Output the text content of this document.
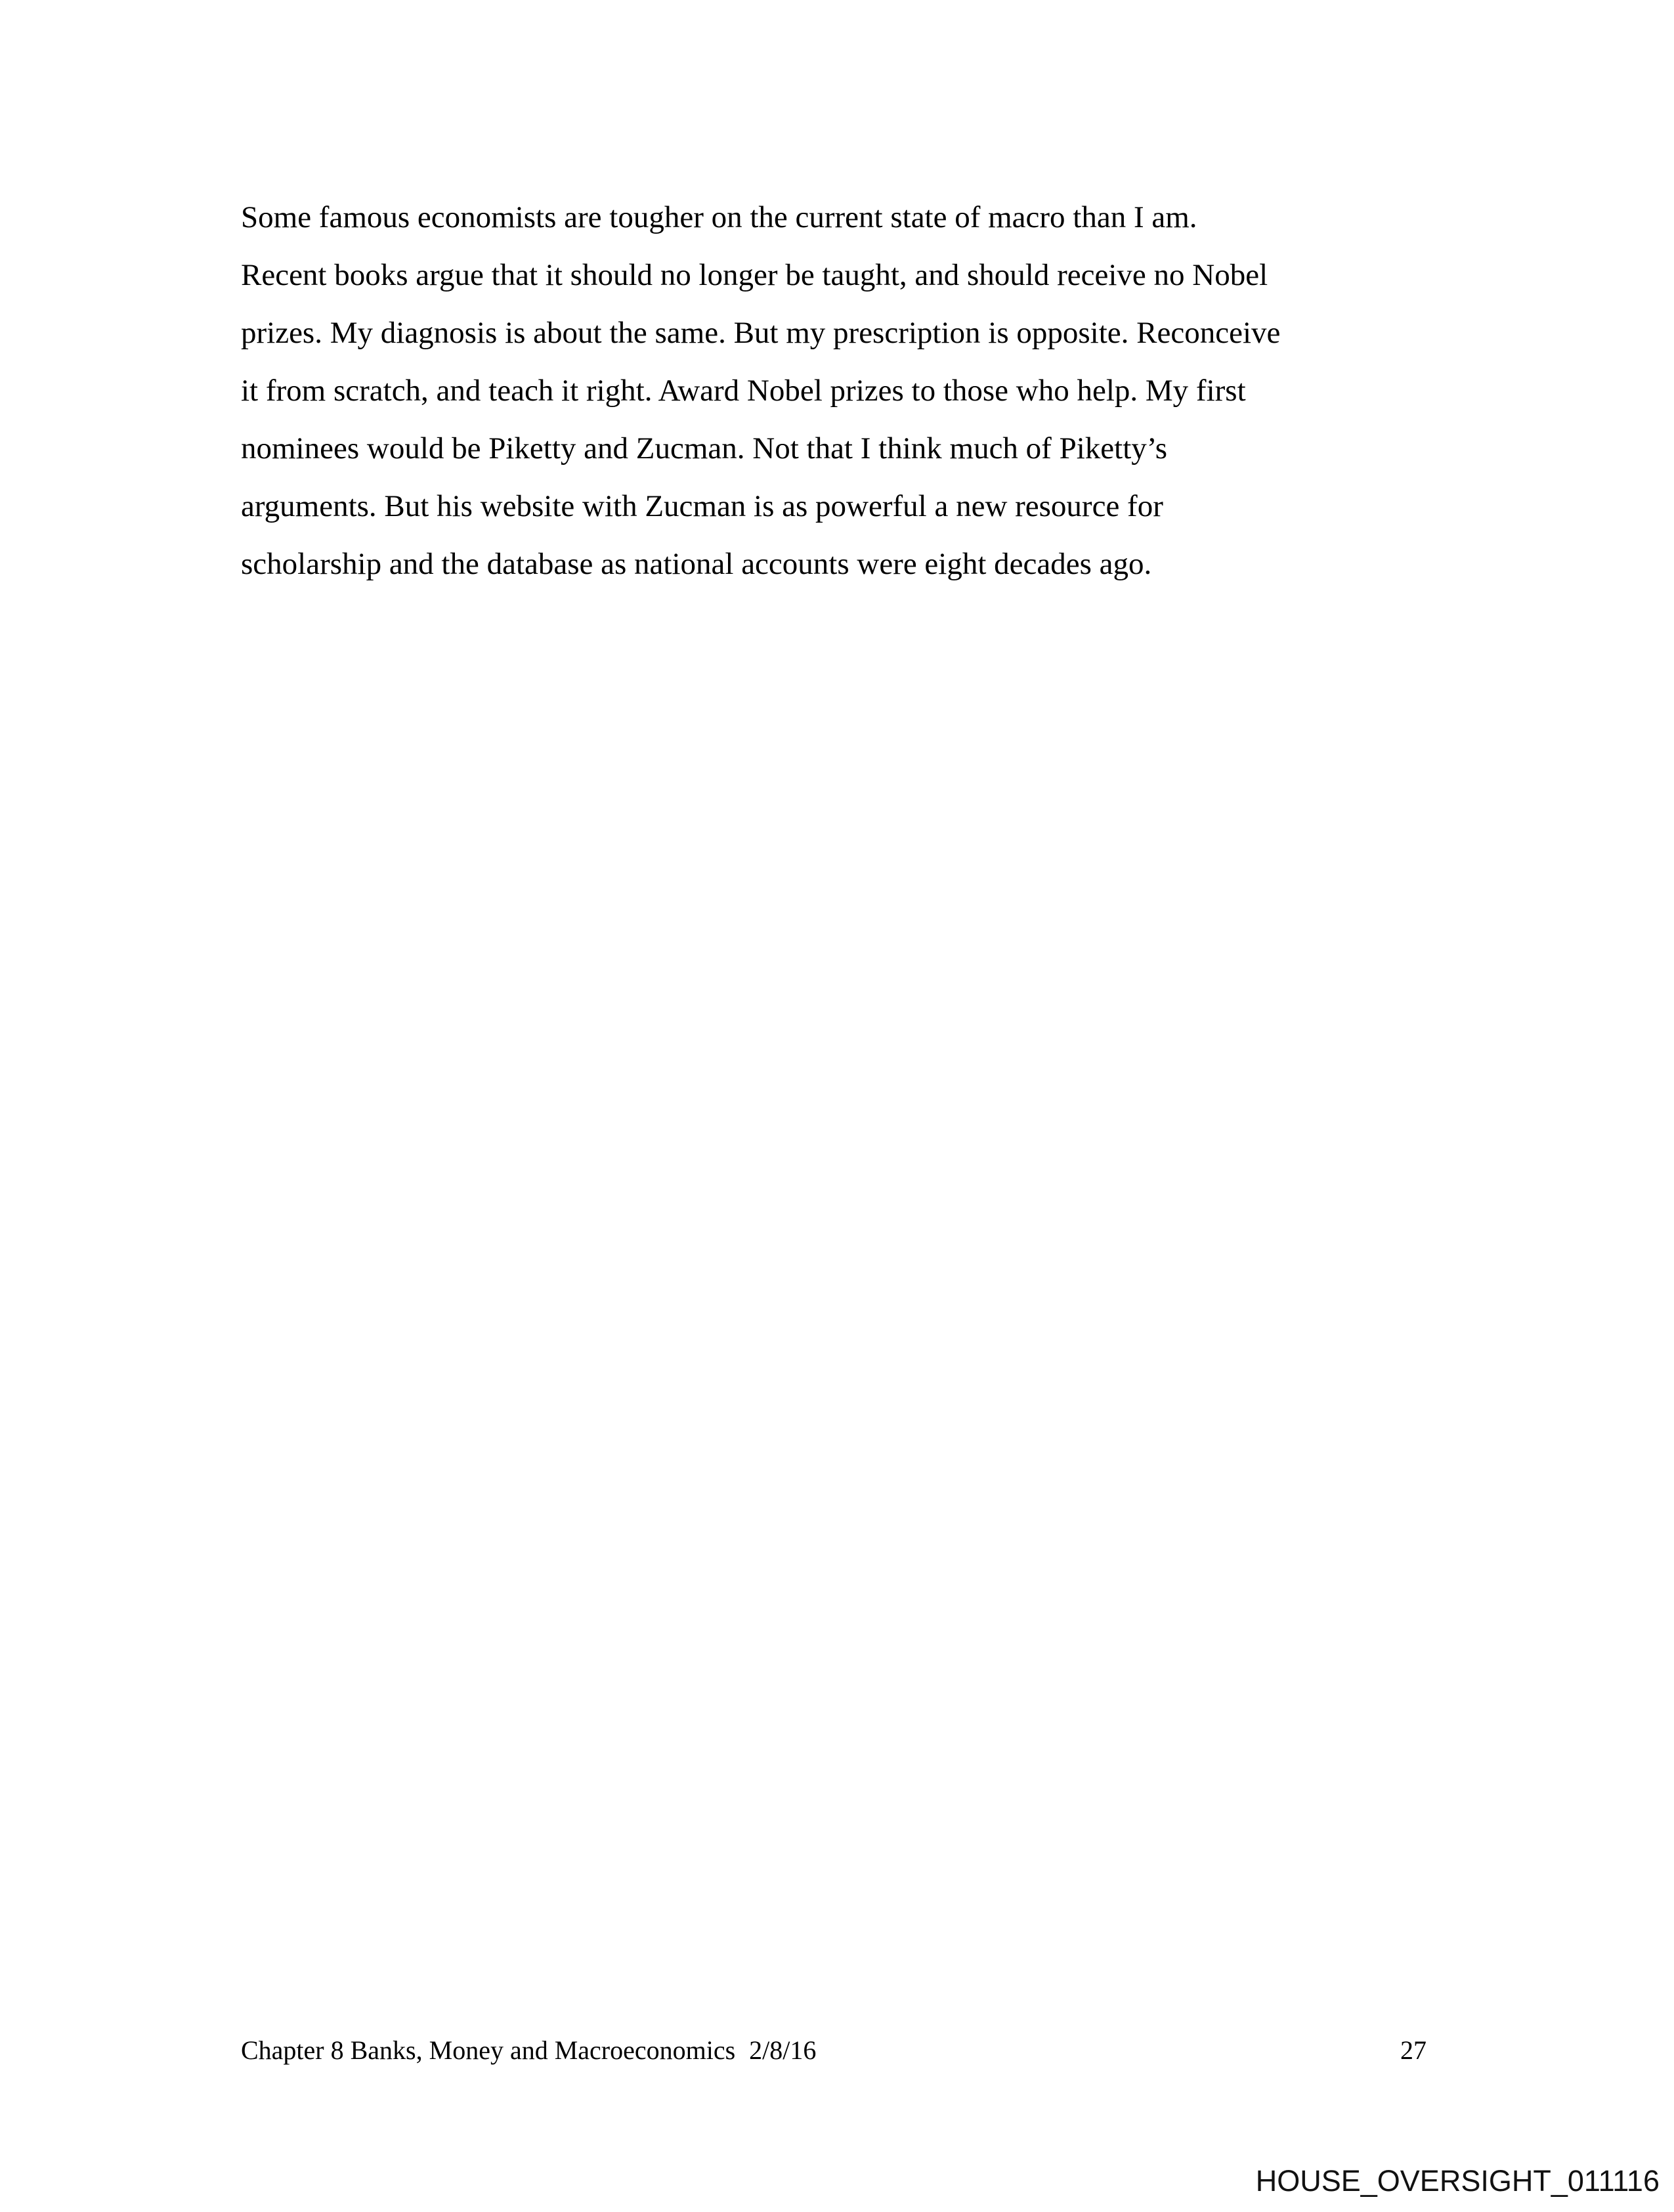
Some famous economists are tougher on the current state of macro than I am.
Recent books argue that it should no longer be taught, and should receive no Nobel
prizes. My diagnosis is about the same. But my prescription is opposite. Reconceive
it from scratch, and teach it right. Award Nobel prizes to those who help. My first
nominees would be Piketty and Zucman. Not that I think much of Piketty’s
arguments. But his website with Zucman is as powerful a new resource for
scholarship and the database as national accounts were eight decades ago.
Chapter 8 Banks, Money and Macroeconomics 2/8/16	27
HOUSE_OVERSIGHT_011116
